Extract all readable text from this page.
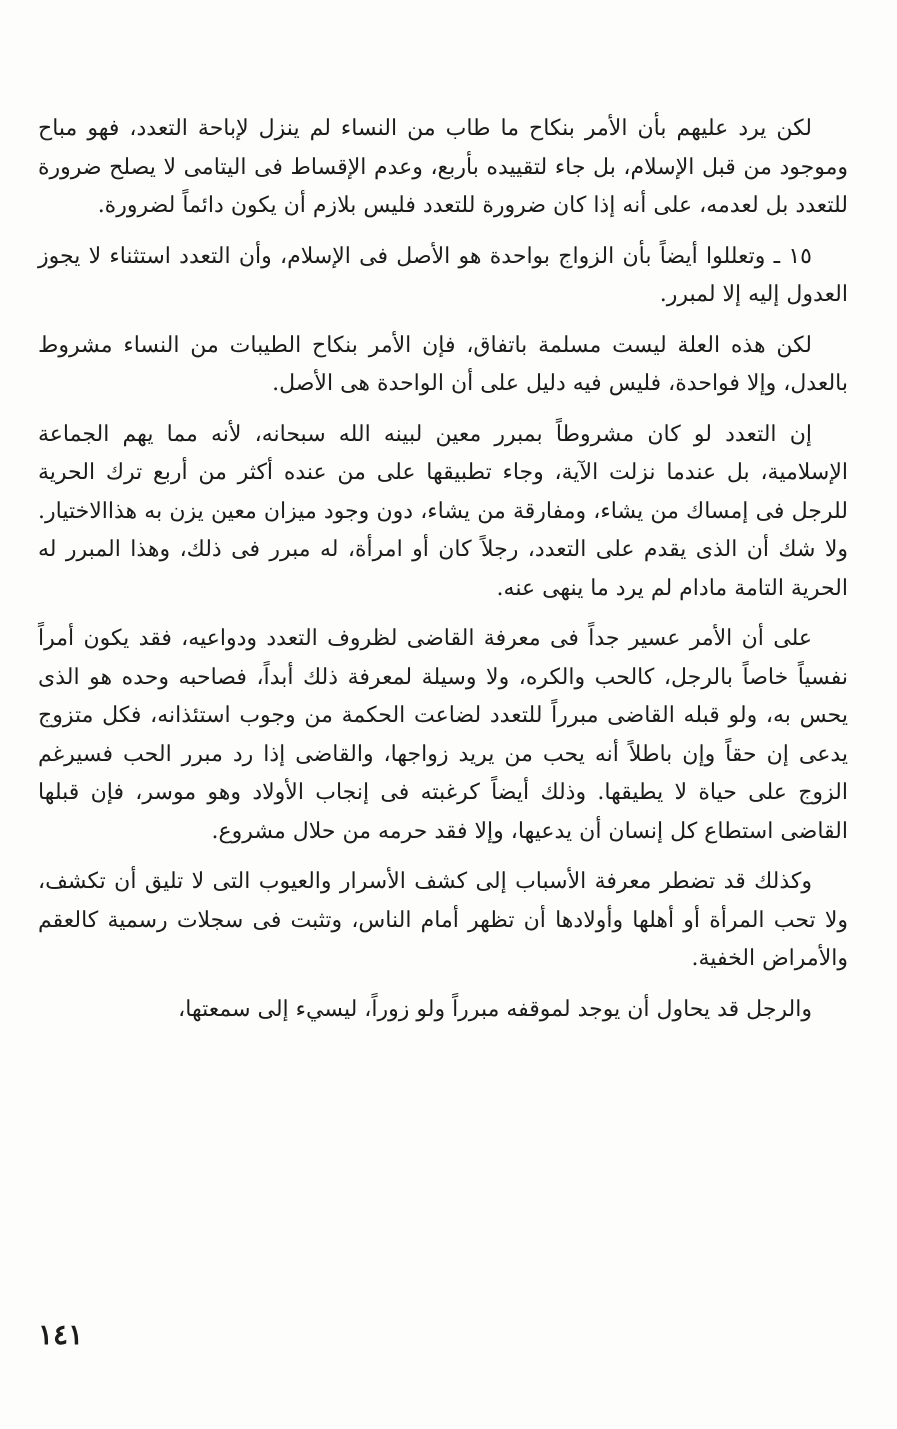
لكن يرد عليهم بأن الأمر بنكاح ما طاب من النساء لم ينزل لإباحة التعدد، فهو مباح وموجود من قبل الإسلام، بل جاء لتقييده بأربع، وعدم الإقساط فى اليتامى لا يصلح ضرورة للتعدد بل لعدمه، على أنه إذا كان ضرورة للتعدد فليس بلازم أن يكون دائماً لضرورة.

١٥ ـ وتعللوا أيضاً بأن الزواج بواحدة هو الأصل فى الإسلام، وأن التعدد استثناء لا يجوز العدول إليه إلا لمبرر.

لكن هذه العلة ليست مسلمة باتفاق، فإن الأمر بنكاح الطيبات من النساء مشروط بالعدل، وإلا فواحدة، فليس فيه دليل على أن الواحدة هى الأصل.

إن التعدد لو كان مشروطاً بمبرر معين لبينه الله سبحانه، لأنه مما يهم الجماعة الإسلامية، بل عندما نزلت الآية، وجاء تطبيقها على من عنده أكثر من أربع ترك الحرية للرجل فى إمساك من يشاء، ومفارقة من يشاء، دون وجود ميزان معين يزن به هذاالاختيار. ولا شك أن الذى يقدم على التعدد، رجلاً كان أو امرأة، له مبرر فى ذلك، وهذا المبرر له الحرية التامة مادام لم يرد ما ينهى عنه.

على أن الأمر عسير جداً فى معرفة القاضى لظروف التعدد ودواعيه، فقد يكون أمراً نفسياً خاصاً بالرجل، كالحب والكره، ولا وسيلة لمعرفة ذلك أبداً، فصاحبه وحده هو الذى يحس به، ولو قبله القاضى مبرراً للتعدد لضاعت الحكمة من وجوب استئذانه، فكل متزوج يدعى إن حقاً وإن باطلاً أنه يحب من يريد زواجها، والقاضى إذا رد مبرر الحب فسيرغم الزوج على حياة لا يطيقها. وذلك أيضاً كرغبته فى إنجاب الأولاد وهو موسر، فإن قبلها القاضى استطاع كل إنسان أن يدعيها، وإلا فقد حرمه من حلال مشروع.

وكذلك قد تضطر معرفة الأسباب إلى كشف الأسرار والعيوب التى لا تليق أن تكشف، ولا تحب المرأة أو أهلها وأولادها أن تظهر أمام الناس، وتثبت فى سجلات رسمية كالعقم والأمراض الخفية.

والرجل قد يحاول أن يوجد لموقفه مبرراً ولو زوراً، ليسيء إلى سمعتها،

١٤١
